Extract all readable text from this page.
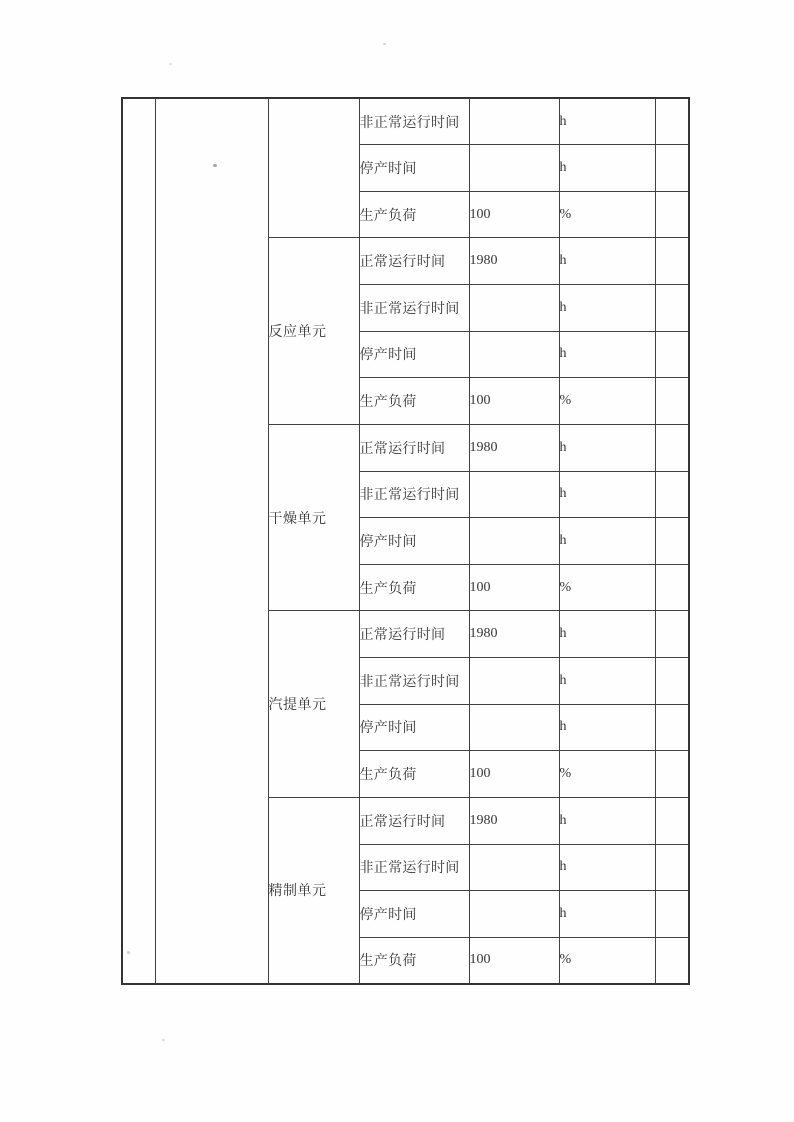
			非正常运行时间		h	
			停产时间		h	
			生产负荷	100	%	
		反应单元	正常运行时间	1980	h	
			非正常运行时间		h	
			停产时间		h	
			生产负荷	100	%	
		干燥单元	正常运行时间	1980	h	
			非正常运行时间		h	
			停产时间		h	
			生产负荷	100	%	
		汽提单元	正常运行时间	1980	h	
			非正常运行时间		h	
			停产时间		h	
			生产负荷	100	%	
		精制单元	正常运行时间	1980	h	
			非正常运行时间		h	
			停产时间		h	
			生产负荷	100	%	
